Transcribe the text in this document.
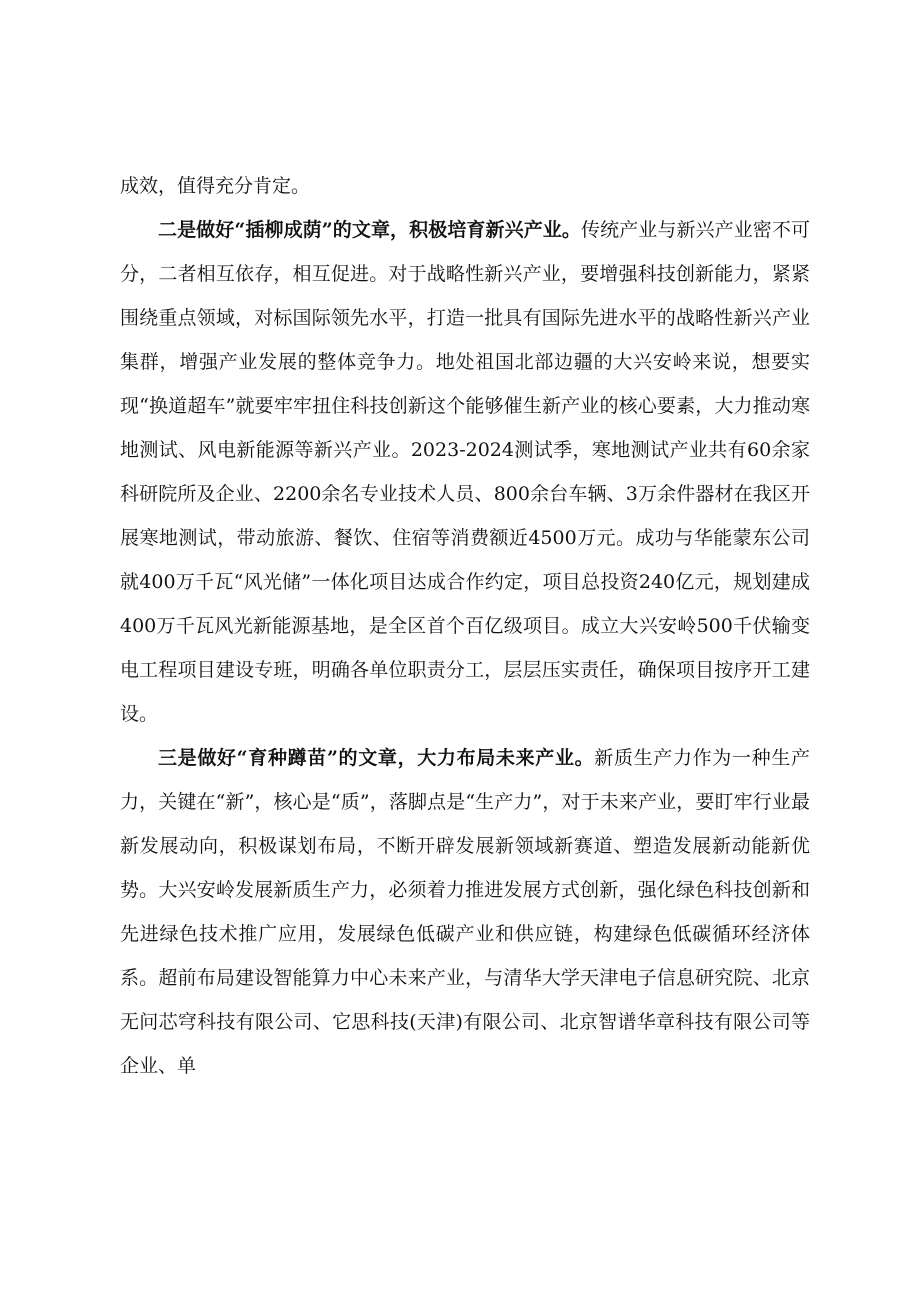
成效，值得充分肯定。

二是做好“插柳成荫”的文章，积极培育新兴产业。传统产业与新兴产业密不可分，二者相互依存，相互促进。对于战略性新兴产业，要增强科技创新能力，紧紧围绕重点领域，对标国际领先水平，打造一批具有国际先进水平的战略性新兴产业集群，增强产业发展的整体竞争力。地处祖国北部边疆的大兴安岭来说，想要实现“换道超车”就要牢牢扭住科技创新这个能够催生新产业的核心要素，大力推动寒地测试、风电新能源等新兴产业。2023-2024测试季，寒地测试产业共有60余家科研院所及企业、2200余名专业技术人员、800余台车辆、3万余件器材在我区开展寒地测试，带动旅游、餐饮、住宿等消费额近4500万元。成功与华能蒙东公司就400万千瓦“风光储”一体化项目达成合作约定，项目总投资240亿元，规划建成400万千瓦风光新能源基地，是全区首个百亿级项目。成立大兴安岭500千伏输变电工程项目建设专班，明确各单位职责分工，层层压实责任，确保项目按序开工建设。

三是做好“育种蹲苗”的文章，大力布局未来产业。新质生产力作为一种生产力，关键在“新”，核心是“质”，落脚点是“生产力”，对于未来产业，要盯牢行业最新发展动向，积极谋划布局，不断开辟发展新领域新赛道、塑造发展新动能新优势。大兴安岭发展新质生产力，必须着力推进发展方式创新，强化绿色科技创新和先进绿色技术推广应用，发展绿色低碳产业和供应链，构建绿色低碳循环经济体系。超前布局建设智能算力中心未来产业，与清华大学天津电子信息研究院、北京无问芯穹科技有限公司、它思科技(天津)有限公司、北京智谱华章科技有限公司等企业、单
